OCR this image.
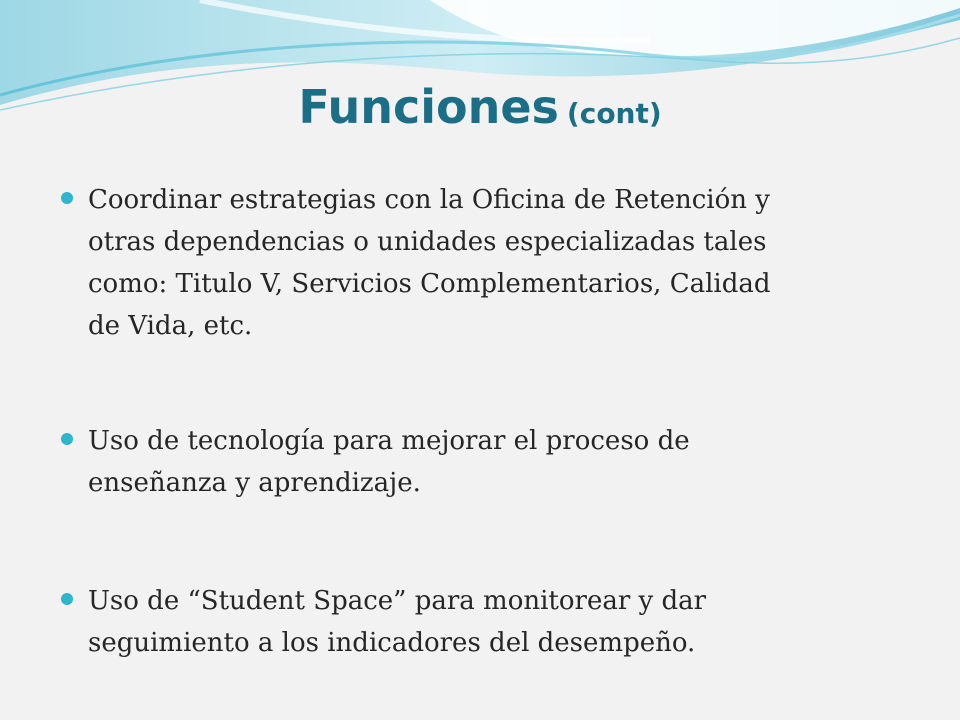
Funciones (cont)
Coordinar estrategias con la Oficina de Retención y
otras dependencias o unidades especializadas tales
como: Titulo V, Servicios Complementarios, Calidad
de Vida, etc.
Uso de tecnología para mejorar el proceso de
enseñanza y aprendizaje.
Uso de “Student Space” para monitorear y dar
seguimiento a los indicadores del desempeño.
